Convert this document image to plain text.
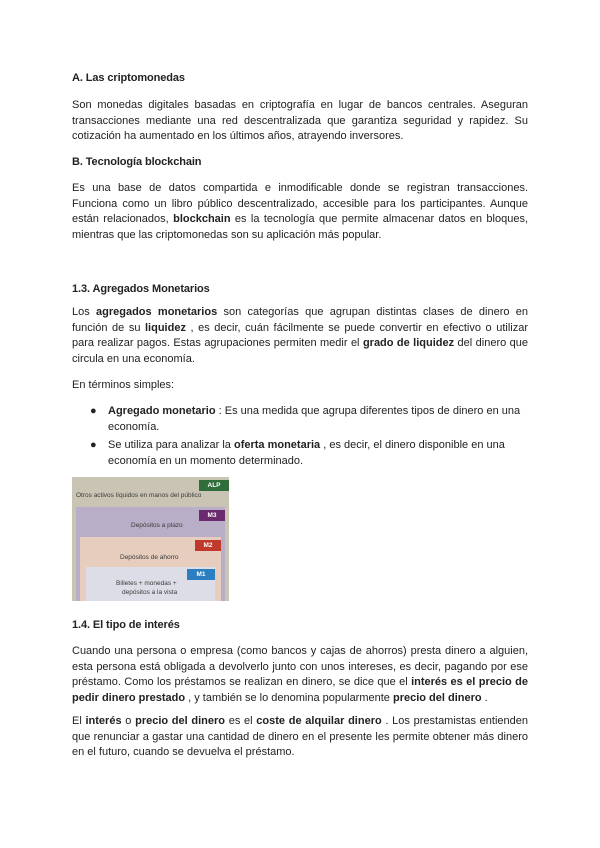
A. Las criptomonedas

Son monedas digitales basadas en criptografía en lugar de bancos centrales. Aseguran transacciones mediante una red descentralizada que garantiza seguridad y rapidez. Su cotización ha aumentado en los últimos años, atrayendo inversores.

B. Tecnología blockchain

Es una base de datos compartida e inmodificable donde se registran transacciones. Funciona como un libro público descentralizado, accesible para los participantes. Aunque están relacionados, blockchain es la tecnología que permite almacenar datos en bloques, mientras que las criptomonedas son su aplicación más popular.

1.3. Agregados Monetarios

Los agregados monetarios son categorías que agrupan distintas clases de dinero en función de su liquidez , es decir, cuán fácilmente se puede convertir en efectivo o utilizar para realizar pagos. Estas agrupaciones permiten medir el grado de liquidez del dinero que circula en una economía.

En términos simples:

● Agregado monetario : Es una medida que agrupa diferentes tipos de dinero en una economía.
● Se utiliza para analizar la oferta monetaria , es decir, el dinero disponible en una economía en un momento determinado.
ALP
Otros activos líquidos en manos del público
M3
Depósitos a plazo
M2
Depósitos de ahorro
M1
Billetes + monedas +
depósitos a la vista
1.4. El tipo de interés

Cuando una persona o empresa (como bancos y cajas de ahorros) presta dinero a alguien, esta persona está obligada a devolverlo junto con unos intereses, es decir, pagando por ese préstamo. Como los préstamos se realizan en dinero, se dice que el interés es el precio de pedir dinero prestado , y también se lo denomina popularmente precio del dinero .

El interés o precio del dinero es el coste de alquilar dinero . Los prestamistas entienden que renunciar a gastar una cantidad de dinero en el presente les permite obtener más dinero en el futuro, cuando se devuelva el préstamo.
